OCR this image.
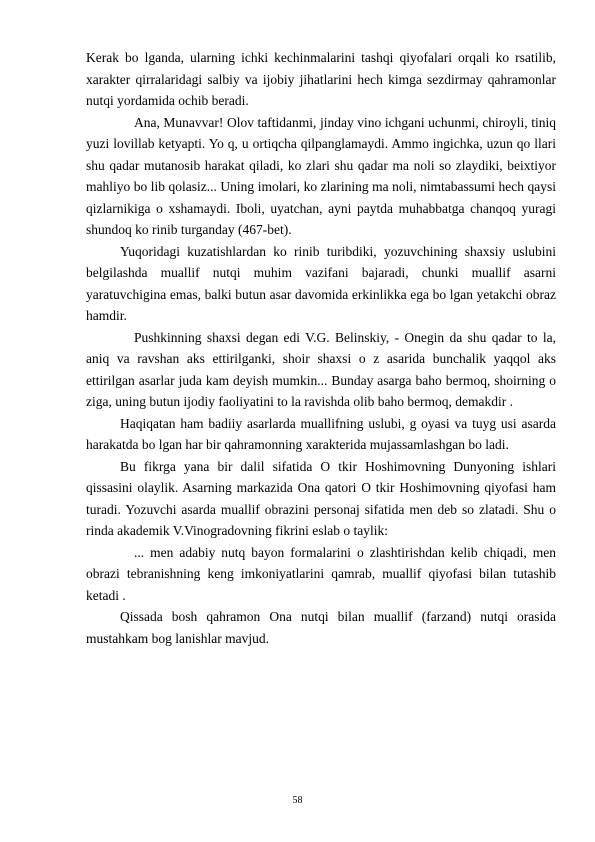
Kerak bo lganda, ularning ichki kechinmalarini tashqi qiyofalari orqali ko rsatilib, xarakter qirralaridagi salbiy va ijobiy jihatlarini hech kimga sezdirmay qahramonlar nutqi yordamida ochib beradi.

Ana, Munavvar! Olov taftidanmi, jinday vino ichgani uchunmi, chiroyli, tiniq yuzi lovillab ketyapti. Yo q, u ortiqcha qilpanglamaydi. Ammo ingichka, uzun qo llari shu qadar mutanosib harakat qiladi, ko zlari shu qadar ma noli so zlaydiki, beixtiyor mahliyo bo lib qolasiz... Uning imolari, ko zlarining ma noli, nimtabassumi hech qaysi qizlarnikiga o xshamaydi. Iboli, uyatchan, ayni paytda muhabbatga chanqoq yuragi shundoq ko rinib turganday (467-bet).

Yuqoridagi kuzatishlardan ko rinib turibdiki, yozuvchining shaxsiy uslubini belgilashda muallif nutqi muhim vazifani bajaradi, chunki muallif asarni yaratuvchigina emas, balki butun asar davomida erkinlikka ega bo lgan yetakchi obraz hamdir.

Pushkinning shaxsi degan edi V.G. Belinskiy, - Onegin da shu qadar to la, aniq va ravshan aks ettirilganki, shoir shaxsi o z asarida bunchalik yaqqol aks ettirilgan asarlar juda kam deyish mumkin... Bunday asarga baho bermoq, shoirning o ziga, uning butun ijodiy faoliyatini to la ravishda olib baho bermoq, demakdir .

Haqiqatan ham badiiy asarlarda muallifning uslubi, g oyasi va tuyg usi asarda harakatda bo lgan har bir qahramonning xarakterida mujassamlashgan bo ladi.

Bu fikrga yana bir dalil sifatida O tkir Hoshimovning Dunyoning ishlari qissasini olaylik. Asarning markazida Ona qatori O tkir Hoshimovning qiyofasi ham turadi. Yozuvchi asarda muallif obrazini personaj sifatida men deb so zlatadi. Shu o rinda akademik V.Vinogradovning fikrini eslab o taylik:

... men adabiy nutq bayon formalarini o zlashtirishdan kelib chiqadi, men obrazi tebranishning keng imkoniyatlarini qamrab, muallif qiyofasi bilan tutashib ketadi .

Qissada bosh qahramon Ona nutqi bilan muallif (farzand) nutqi orasida mustahkam bog lanishlar mavjud.

58
